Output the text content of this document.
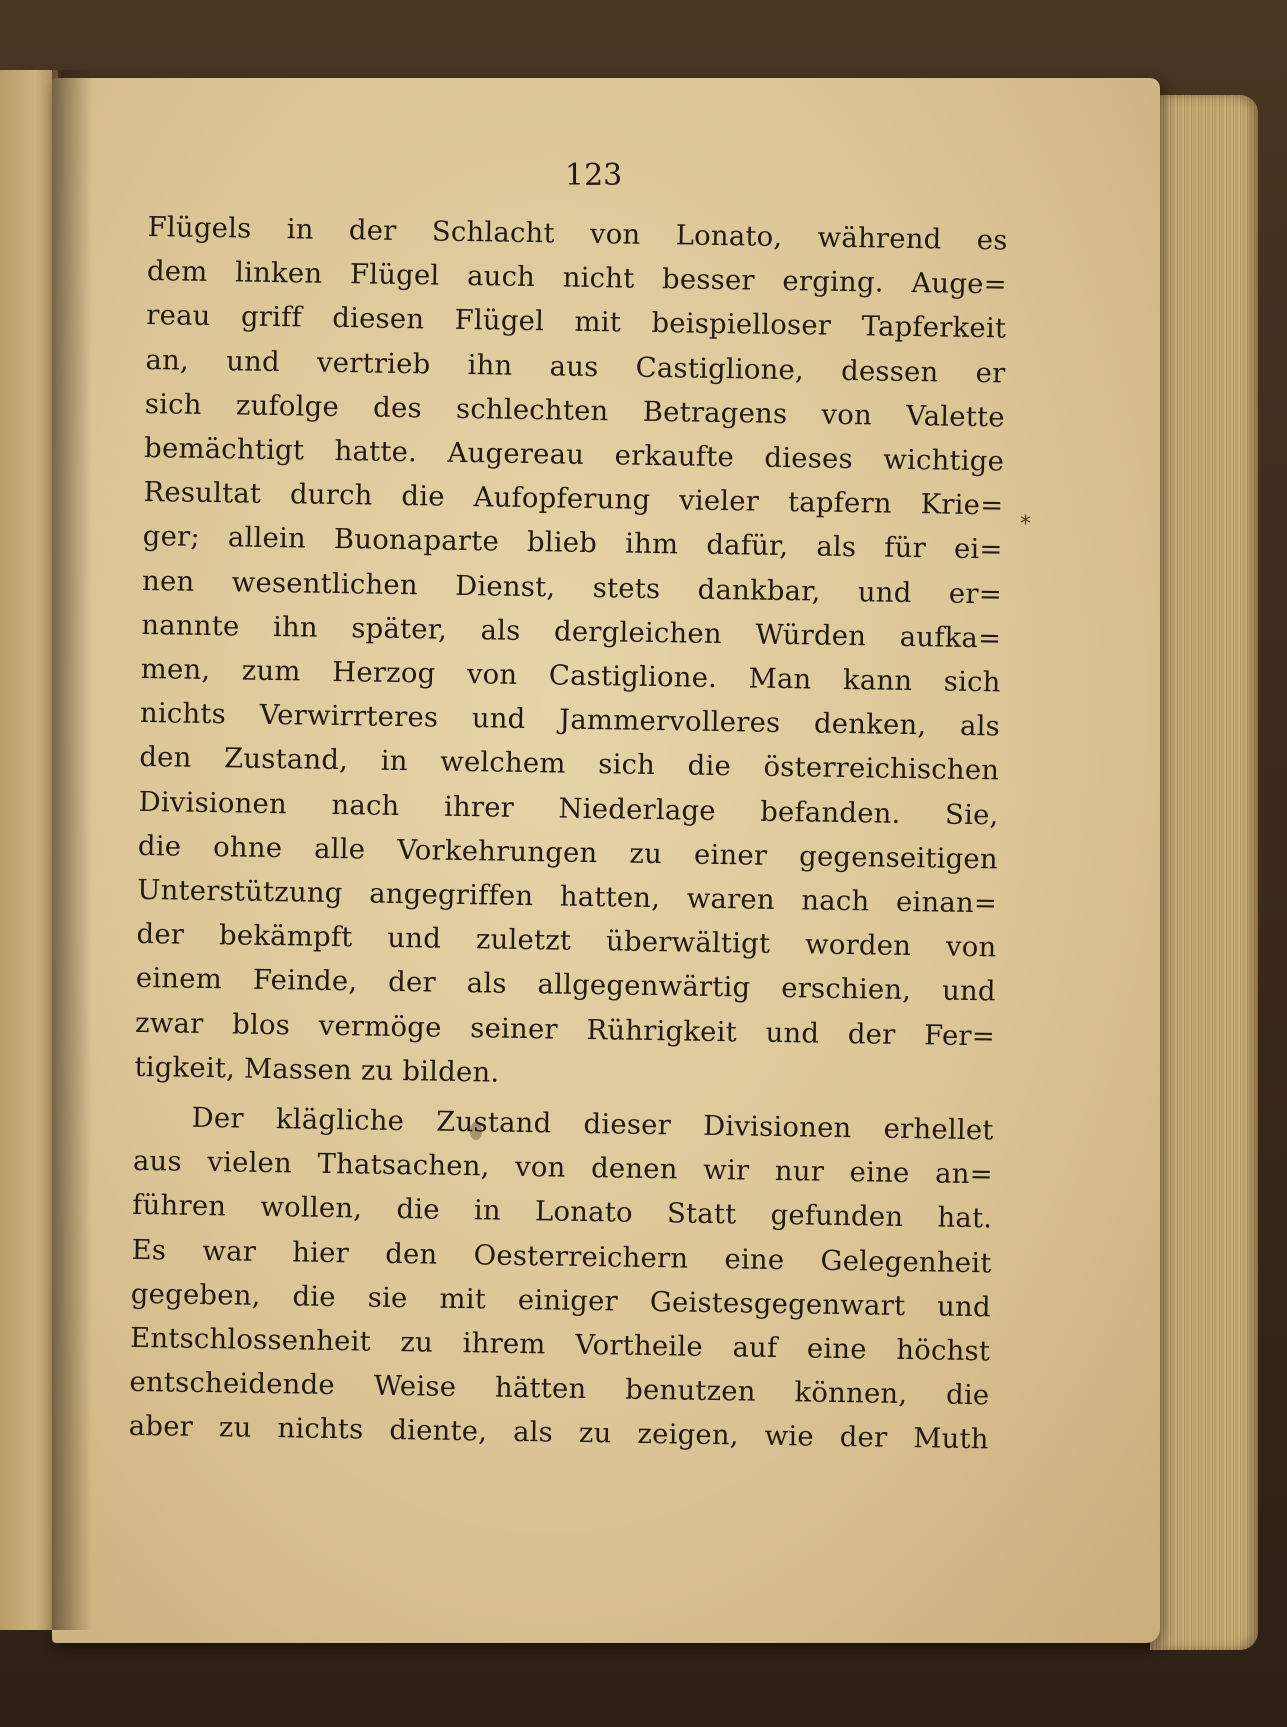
123
Flügels in der Schlacht von Lonato, während es
dem linken Flügel auch nicht besser erging. Auge=
reau griff diesen Flügel mit beispielloser Tapferkeit
an, und vertrieb ihn aus Castiglione, dessen er
sich zufolge des schlechten Betragens von Valette
bemächtigt hatte. Augereau erkaufte dieses wichtige
Resultat durch die Aufopferung vieler tapfern Krie=
ger; allein Buonaparte blieb ihm dafür, als für ei=
nen wesentlichen Dienst, stets dankbar, und er=
nannte ihn später, als dergleichen Würden aufka=
men, zum Herzog von Castiglione. Man kann sich
nichts Verwirrteres und Jammervolleres denken, als
den Zustand, in welchem sich die österreichischen
Divisionen nach ihrer Niederlage befanden. Sie,
die ohne alle Vorkehrungen zu einer gegenseitigen
Unterstützung angegriffen hatten, waren nach einan=
der bekämpft und zuletzt überwältigt worden von
einem Feinde, der als allgegenwärtig erschien, und
zwar blos vermöge seiner Rührigkeit und der Fer=
tigkeit, Massen zu bilden.
Der klägliche Zustand dieser Divisionen erhellet
aus vielen Thatsachen, von denen wir nur eine an=
führen wollen, die in Lonato Statt gefunden hat.
Es war hier den Oesterreichern eine Gelegenheit
gegeben, die sie mit einiger Geistesgegenwart und
Entschlossenheit zu ihrem Vortheile auf eine höchst
entscheidende Weise hätten benutzen können, die
aber zu nichts diente, als zu zeigen, wie der Muth
*
